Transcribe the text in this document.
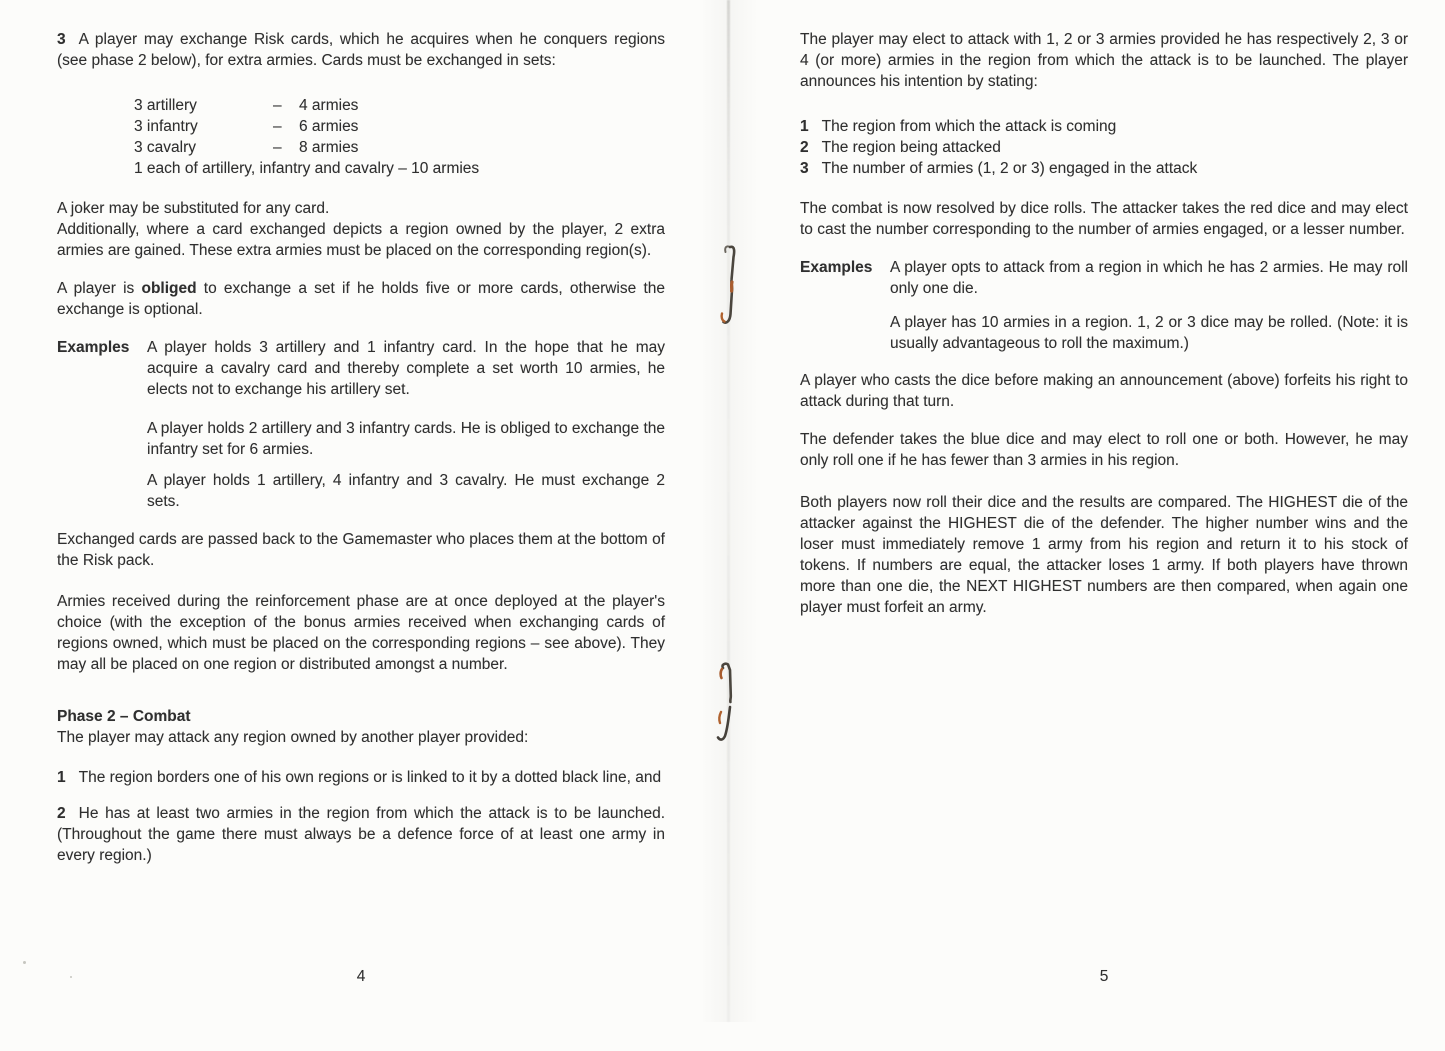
3 A player may exchange Risk cards, which he acquires when he conquers regions (see phase 2 below), for extra armies. Cards must be exchanged in sets:

3 artillery	–	4 armies
3 infantry	–	6 armies
3 cavalry	–	8 armies
1 each of artillery, infantry and cavalry – 10 armies

A joker may be substituted for any card.

Additionally, where a card exchanged depicts a region owned by the player, 2 extra armies are gained. These extra armies must be placed on the corresponding region(s).

A player is obliged to exchange a set if he holds five or more cards, otherwise the exchange is optional.

Examples	A player holds 3 artillery and 1 infantry card. In the hope that he may acquire a cavalry card and thereby complete a set worth 10 armies, he elects not to exchange his artillery set.

A player holds 2 artillery and 3 infantry cards. He is obliged to exchange the infantry set for 6 armies.

A player holds 1 artillery, 4 infantry and 3 cavalry. He must exchange 2 sets.

Exchanged cards are passed back to the Gamemaster who places them at the bottom of the Risk pack.

Armies received during the reinforcement phase are at once deployed at the player's choice (with the exception of the bonus armies received when exchanging cards of regions owned, which must be placed on the corresponding regions – see above). They may all be placed on one region or distributed amongst a number.

Phase 2 – Combat

The player may attack any region owned by another player provided:

1 The region borders one of his own regions or is linked to it by a dotted black line, and

2 He has at least two armies in the region from which the attack is to be launched. (Throughout the game there must always be a defence force of at least one army in every region.)

4

The player may elect to attack with 1, 2 or 3 armies provided he has respectively 2, 3 or 4 (or more) armies in the region from which the attack is to be launched. The player announces his intention by stating:

1 The region from which the attack is coming

2 The region being attacked

3 The number of armies (1, 2 or 3) engaged in the attack

The combat is now resolved by dice rolls. The attacker takes the red dice and may elect to cast the number corresponding to the number of armies engaged, or a lesser number.

Examples	A player opts to attack from a region in which he has 2 armies. He may roll only one die.

A player has 10 armies in a region. 1, 2 or 3 dice may be rolled. (Note: it is usually advantageous to roll the maximum.)

A player who casts the dice before making an announcement (above) forfeits his right to attack during that turn.

The defender takes the blue dice and may elect to roll one or both. However, he may only roll one if he has fewer than 3 armies in his region.

Both players now roll their dice and the results are compared. The HIGHEST die of the attacker against the HIGHEST die of the defender. The higher number wins and the loser must immediately remove 1 army from his region and return it to his stock of tokens. If numbers are equal, the attacker loses 1 army. If both players have thrown more than one die, the NEXT HIGHEST numbers are then compared, when again one player must forfeit an army.

5
